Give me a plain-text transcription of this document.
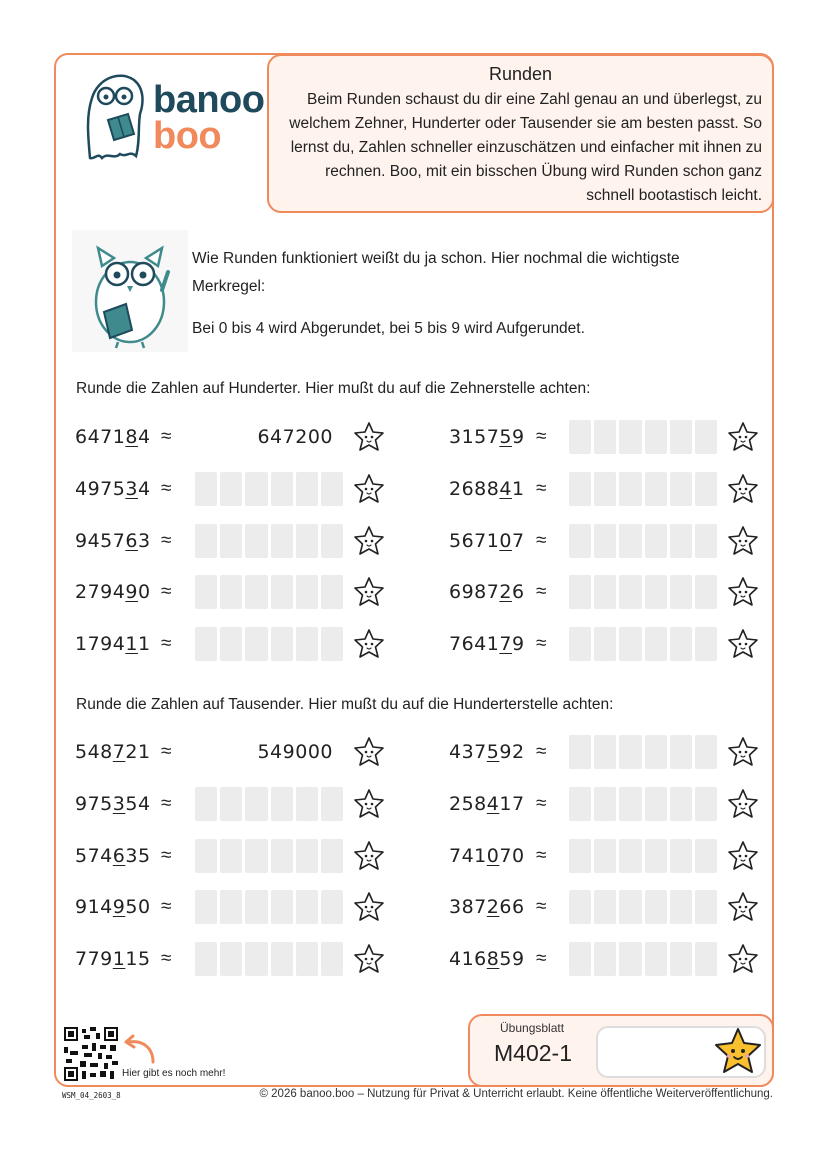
banoo
boo
Runden

Beim Runden schaust du dir eine Zahl genau an und überlegst, zu welchem Zehner, Hunderter oder Tausender sie am besten passt. So lernst du, Zahlen schneller einzuschätzen und einfacher mit ihnen zu rechnen. Boo, mit ein bisschen Übung wird Runden schon ganz schnell bootastisch leicht.

Wie Runden funktioniert weißt du ja schon. Hier nochmal die wichtigste Merkregel:
Bei 0 bis 4 wird Abgerundet, bei 5 bis 9 wird Aufgerundet.
Runde die Zahlen auf Hunderter. Hier mußt du auf die Zehnerstelle achten:
647184 ≈	647200
497534 ≈
945763 ≈
279490 ≈
179411 ≈
315759 ≈
268841 ≈
567107 ≈
698726 ≈
764179 ≈
Runde die Zahlen auf Tausender. Hier mußt du auf die Hunderterstelle achten:
548721 ≈	549000
975354 ≈
574635 ≈
914950 ≈
779115 ≈
437592 ≈
258417 ≈
741070 ≈
387266 ≈
416859 ≈
Hier gibt es noch mehr!
WSM_04_2603_8	© 2026 banoo.boo – Nutzung für Privat & Unterricht erlaubt. Keine öffentliche Weiterveröffentlichung.
Übungsblatt
M402-1
